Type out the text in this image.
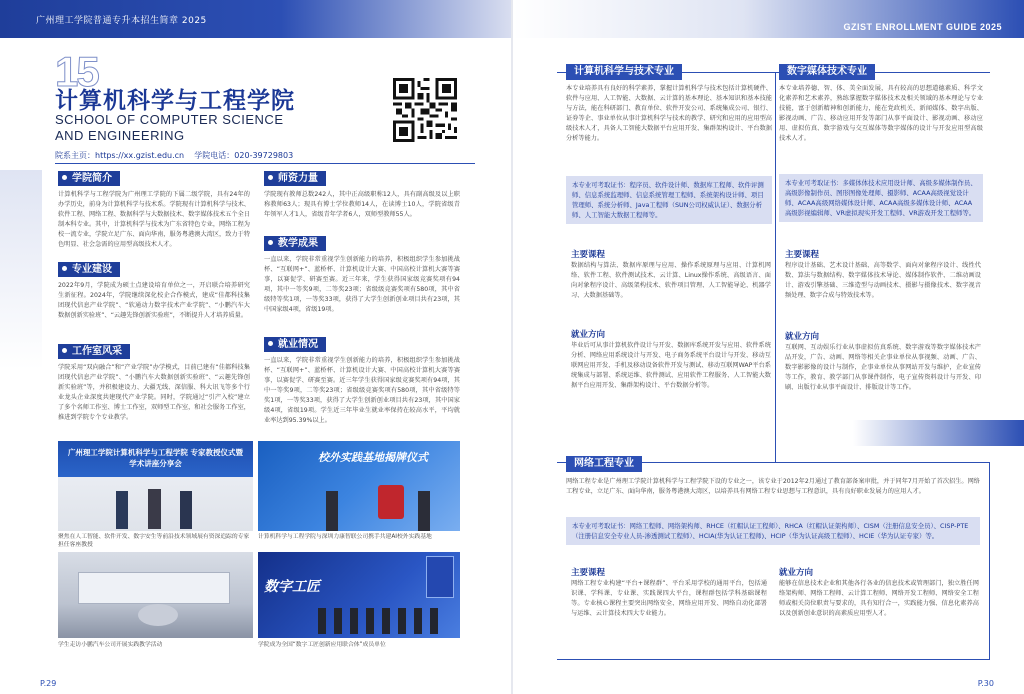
广州理工学院普通专升本招生简章 2025
15
计算机科学与工程学院
SCHOOL OF COMPUTER SCIENCE AND ENGINEERING
院系主页：https://xx.gzist.edu.cn 学院电话：020-39729803
学院简介
计算机科学与工程学院为广州理工学院的下属二级学院，具有24年的办学历史，前身为计算机科学与技术系。学院现有计算机科学与技术、软件工程、网络工程、数据科学与大数据技术、数字媒体技术五个全日制本科专业。其中，计算机科学与技术为广东省特色专业，网络工程为校一流专业，学院立足广东、面向华南，服务粤港澳大湾区，致力于特色明显、社会急需的应用型高级技术人才。
专业建设
2022年9月，学院成为硕士点建设培育单位之一，开启联合培养研究生新征程。2024年，学院继续深化校企合作模式，建成“佳都科技集团现代信息产业学院”、“软通动力数字技术产业学院”、“小鹏汽车大数据创新实验班”、“云趣先锋创新实验班”，不断提升人才培养质量。
工作室风采
学院采用“双向融合”和“产业学院”办学模式，目前已建有“佳都科技集团现代信息产业学院”、“小鹏汽车大数据创新实验班”、“云趣先锋创新实验班”等，并积极建设力、大疆无线、深信服、科大讯飞等多个行业龙头企业深度共建现代产业学院。同时，学院通过“引产入校”建立了多个名师工作室、博士工作室，双师型工作室，和社会服务工作室，推进到学院专个专业教学。
师资力量
学院现有教师总数242人，其中正高级职称12人，具有副高级及以上职称教师63人；现具有博士学位教师14人，在读博士10人，学院省级青年领军人才1人，省级青年学者6人，双师型教师55人。
教学成果
一直以来，学院非常重视学生创新能力的培养，积极组织学生参加挑战杯、“互联网+”、蓝桥杯、计算机设计大赛、中国高校计算机大赛等赛事，以赛促学、研赛至赛。近三年来，学生获得国家级竞赛奖项有94项，其中一等奖9项，二等奖23项；省级级竞赛奖项有580项，其中省级特等奖1项，一等奖33项，获得了大学生创新创业项目共有23项，其中国家级4项，省级19项。
就业情况
一直以来，学院非常重视学生创新能力的培养，积极组织学生参加挑战杯、“互联网+”、蓝桥杯、计算机设计大赛、中国高校计算机大赛等赛事，以赛促学、研赛至赛。近三年学生获得国家级竞赛奖项有94项，其中一等奖9项，二等奖23项；省级级竞赛奖项有580项，其中省级特等奖1项，一等奖33项，获得了大学生创新创业项目共有23项，其中国家级4项，省级19项。学生近三年毕业生就业率保持在较高水平，平均就业率达到95.39%以上。
广州理工学院计算机科学与工程学院 专家教授仪式暨学术讲座分享会
聚焦在人工智能、软件开发、数字安生等前沿技术领域展有资深追踪的专家担任客座教授
校外实践基地揭牌仪式
计算机科学与工程学院与深圳力康智联公司携手共建AI校外实践基地
学生走访小鹏汽车公司开展实践教学活动
数字工匠
学院成为全国“数字工匠创新应用联合体”成员单位
P.29
GZIST ENROLLMENT GUIDE 2025
计算机科学与技术专业
本专业培养具有良好的科学素养，掌握计算机科学与技术包括计算机硬件、软件与应用、人工智能、大数据、云计算的基本理论、基本知识和基本技能与方法，能在科研部门、教育单位、软件开发公司、系统集成公司、银行、证券等企、事业单位从事计算机科学与技术的教学、研究和应用的应用型高级技术人才，具备人工智能大数据平台应用开发、集群架构设计、平台数据分析等能力。
本专业可考取证书：程序员、软件设计师、数据库工程师、软件评测师、信息系统监理师、信息系统管理工程师、系统架构设计师、项目管理师、系统分析师、Java工程师（SUN公司权威认证）、数据分析师、人工智能大数据工程师等。
主要课程
数据结构与算法、数据库原理与应用、操作系统原理与应用、计算机网络、软件工程、软件测试技术、云计算、Linux操作系统、高级语言、面向对象程序设计、高级架构技术、软件项目管理、人工智能导论、机器学习、大数据基础等。
就业方向
毕业后可从事计算机软件设计与开发、数据库系统开发与应用、软件系统分析、网络应用系统设计与开发、电子商务系统平台设计与开发、移动互联网应用开发、手机及移动设备软件开发与测试、移动互联网WAP平台系统集成与部署、系统运维、软件测试、应用软件工程服务、人工智能大数据平台应用开发、集群架构设计、平台数据分析等。
数字媒体技术专业
本专业培养德、智、体、美全面发展，具有较高的思想道德素质、科学文化素养和艺术素养，熟练掌握数字媒体技术及相关领域的基本理论与专业技能，富于创新精神和创新能力，能在党政机关、新闻媒体、数字出版、影视动画、广告、移动应用开发等部门从事平面设计、影视动画、移动应用、虚拟仿真、数字游戏与交互媒体等数字媒体的设计与开发应用型高级技术人才。
本专业可考取证书：多媒体体技术应用设计师、高级多媒体制作员、高级影像制作员、图形图像处理师、摄影师、ACAA高级视觉设计师、ACAA高级网络媒体设计师、ACAA高级多媒体设计师、ACAA高级影视编辑师、VR虚拟现实开发工程师、VR游戏开发工程师等。
主要课程
程序设计基础、艺术设计基础、高等数学、面向对象程序设计、线性代数、算法与数据结构、数字媒体技术导论、媒体制作软件、二维动画设计、游戏引擎基础、三维造型与动画技术、摄影与摄像技术、数字视音频处理、数字合成与特效技术等。
就业方向
互联网、互动娱乐行业从事虚拟仿真系统、数字游戏等数字媒体技术产品开发，广告、动画、网络等相关企事业单位从事视频、动画、广告、数字影影像的设计与制作，企事业单位从事网站开发与维护，企业宣传等工作，教育、教学部门从事课件制作，电子宣传资料设计与开发、印刷、出版行业从事平面设计、排版设计等工作。
网络工程专业
网络工程专业是广州理工学院计算机科学与工程学院下设的专业之一，该专业于2012年2月通过了教育部备案审批，并于同年7月开始了首次招生。网络工程专业，立足广东、面向华南，服务粤港澳大湾区，以培养具有网络工程专业思想与工程意识，具有良好职业发展力的应用人才。
本专业可考取证书：网络工程师、网络架构师、RHCE（红帽认证工程师）、RHCA（红帽认证架构师）、CISM（注册信息安全员）、CISP-PTE（注册信息安全专业人员-渗透测试工程师）、HCIA(华为认证工程师)、HCIP（华为认证高级工程师）、HCIE（华为认证专家）等。
主要课程
网络工程专业构建“平台+课程群”、平台采用学校的通用平台，包括通识课、学科课、专业课、实践课四大平台，课程群包括学科基础课程等。专业核心课程主要突出网络安全、网络应用开发、网络自动化部署与运维、云计算技术四大专业能力。
就业方向
能够在信息技术企业和其他各行各业的信息技术或管理部门，独立胜任网络架构师、网络工程师、云计算工程师、网络开发工程师、网络安全工程师或相关岗位职责与要求的，具有知行合一，实践能力强、信息化素养高以及创新创业意识的高素质应用型人才。
P.30
